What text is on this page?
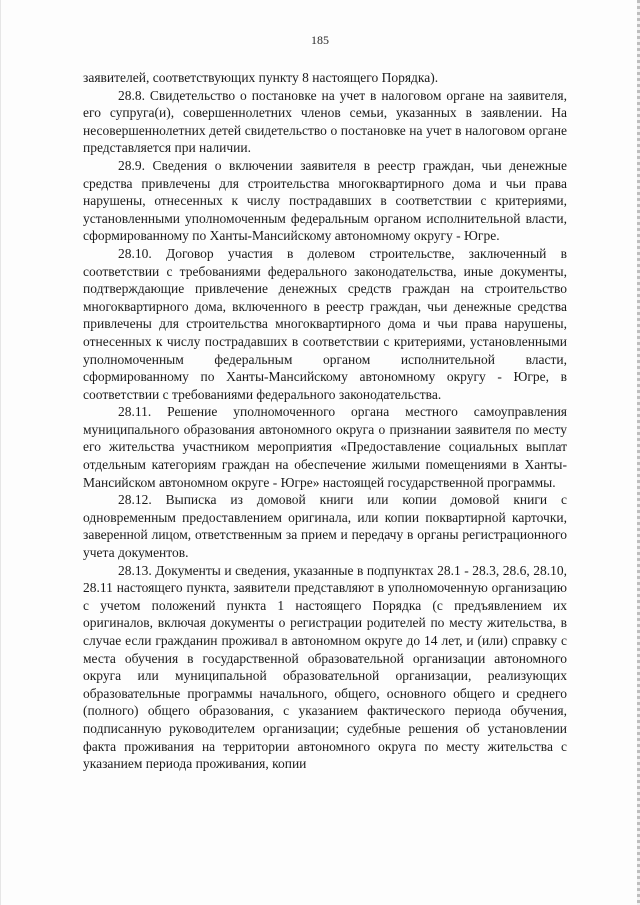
185

заявителей, соответствующих пункту 8 настоящего Порядка).

28.8. Свидетельство о постановке на учет в налоговом органе на заявителя, его супруга(и), совершеннолетних членов семьи, указанных в заявлении. На несовершеннолетних детей свидетельство о постановке на учет в налоговом органе представляется при наличии.

28.9. Сведения о включении заявителя в реестр граждан, чьи денежные средства привлечены для строительства многоквартирного дома и чьи права нарушены, отнесенных к числу пострадавших в соответствии с критериями, установленными уполномоченным федеральным органом исполнительной власти, сформированному по Ханты-Мансийскому автономному округу - Югре.

28.10. Договор участия в долевом строительстве, заключенный в соответствии с требованиями федерального законодательства, иные документы, подтверждающие привлечение денежных средств граждан на строительство многоквартирного дома, включенного в реестр граждан, чьи денежные средства привлечены для строительства многоквартирного дома и чьи права нарушены, отнесенных к числу пострадавших в соответствии с критериями, установленными уполномоченным федеральным органом исполнительной власти, сформированному по Ханты-Мансийскому автономному округу - Югре, в соответствии с требованиями федерального законодательства.

28.11. Решение уполномоченного органа местного самоуправления муниципального образования автономного округа о признании заявителя по месту его жительства участником мероприятия «Предоставление социальных выплат отдельным категориям граждан на обеспечение жилыми помещениями в Ханты-Мансийском автономном округе - Югре» настоящей государственной программы.

28.12. Выписка из домовой книги или копии домовой книги с одновременным предоставлением оригинала, или копии поквартирной карточки, заверенной лицом, ответственным за прием и передачу в органы регистрационного учета документов.

28.13. Документы и сведения, указанные в подпунктах 28.1 - 28.3, 28.6, 28.10, 28.11 настоящего пункта, заявители представляют в уполномоченную организацию с учетом положений пункта 1 настоящего Порядка (с предъявлением их оригиналов, включая документы о регистрации родителей по месту жительства, в случае если гражданин проживал в автономном округе до 14 лет, и (или) справку с места обучения в государственной образовательной организации автономного округа или муниципальной образовательной организации, реализующих образовательные программы начального, общего, основного общего и среднего (полного) общего образования, с указанием фактического периода обучения, подписанную руководителем организации; судебные решения об установлении факта проживания на территории автономного округа по месту жительства с указанием периода проживания, копии
